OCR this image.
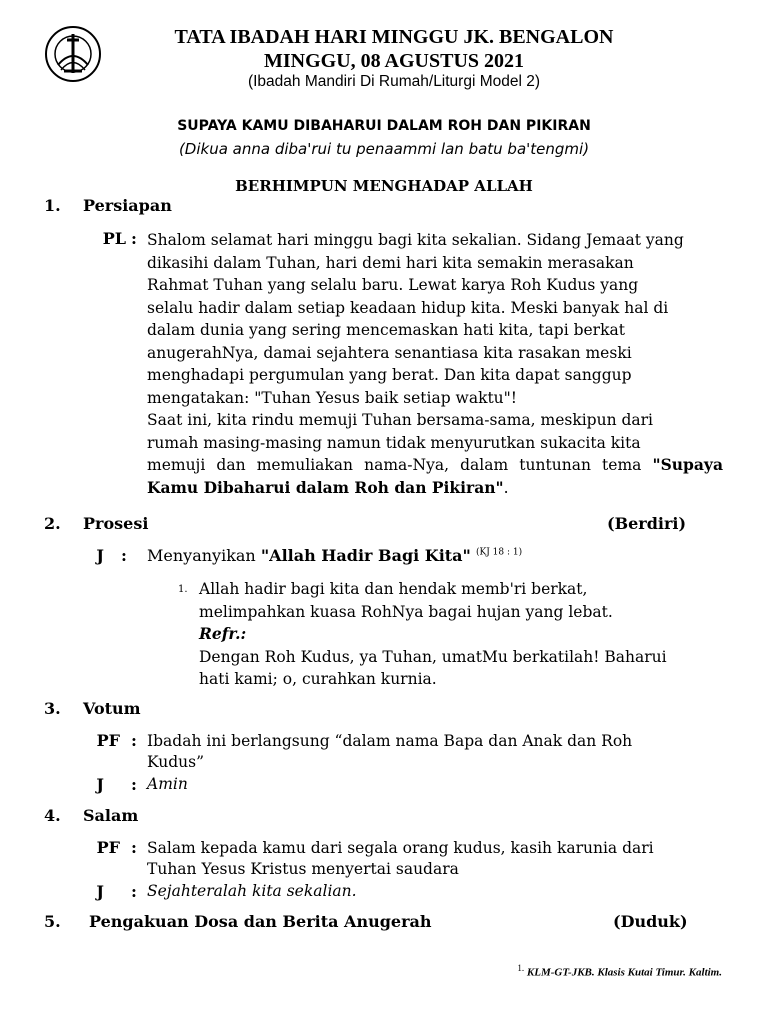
TATA IBADAH HARI MINGGU JK. BENGALON
MINGGU, 08 AGUSTUS 2021
(Ibadah Mandiri Di Rumah/Liturgi Model 2)
SUPAYA KAMU DIBAHARUI DALAM ROH DAN PIKIRAN
(Dikua anna diba'rui tu penaammi lan batu ba'tengmi)
BERHIMPUN MENGHADAP ALLAH
1. Persiapan
PL : Shalom selamat hari minggu bagi kita sekalian. Sidang Jemaat yang
dikasihi dalam Tuhan, hari demi hari kita semakin merasakan
Rahmat Tuhan yang selalu baru. Lewat karya Roh Kudus yang
selalu hadir dalam setiap keadaan hidup kita. Meski banyak hal di
dalam dunia yang sering mencemaskan hati kita, tapi berkat
anugerahNya, damai sejahtera senantiasa kita rasakan meski
menghadapi pergumulan yang berat. Dan kita dapat sanggup
mengatakan: "Tuhan Yesus baik setiap waktu"!
Saat ini, kita rindu memuji Tuhan bersama-sama, meskipun dari
rumah masing-masing namun tidak menyurutkan sukacita kita
memuji dan memuliakan nama-Nya, dalam tuntunan tema "Supaya
Kamu Dibaharui dalam Roh dan Pikiran".
2. Prosesi	(Berdiri)
J : Menyanyikan "Allah Hadir Bagi Kita" $^{(KJ 18 : 1)}$
1. Allah hadir bagi kita dan hendak memb'ri berkat,
melimpahkan kuasa RohNya bagai hujan yang lebat.
Refr.:
Dengan Roh Kudus, ya Tuhan, umatMu berkatilah! Baharui
hati kami; o, curahkan kurnia.
3. Votum
PF : Ibadah ini berlangsung “dalam nama Bapa dan Anak dan Roh
Kudus”
J : Amin
4. Salam
PF : Salam kepada kamu dari segala orang kudus, kasih karunia dari
Tuhan Yesus Kristus menyertai saudara
J : Sejahteralah kita sekalian.
5. Pengakuan Dosa dan Berita Anugerah	(Duduk)
$^{1.}$ KLM-GT-JKB. Klasis Kutai Timur. Kaltim.
